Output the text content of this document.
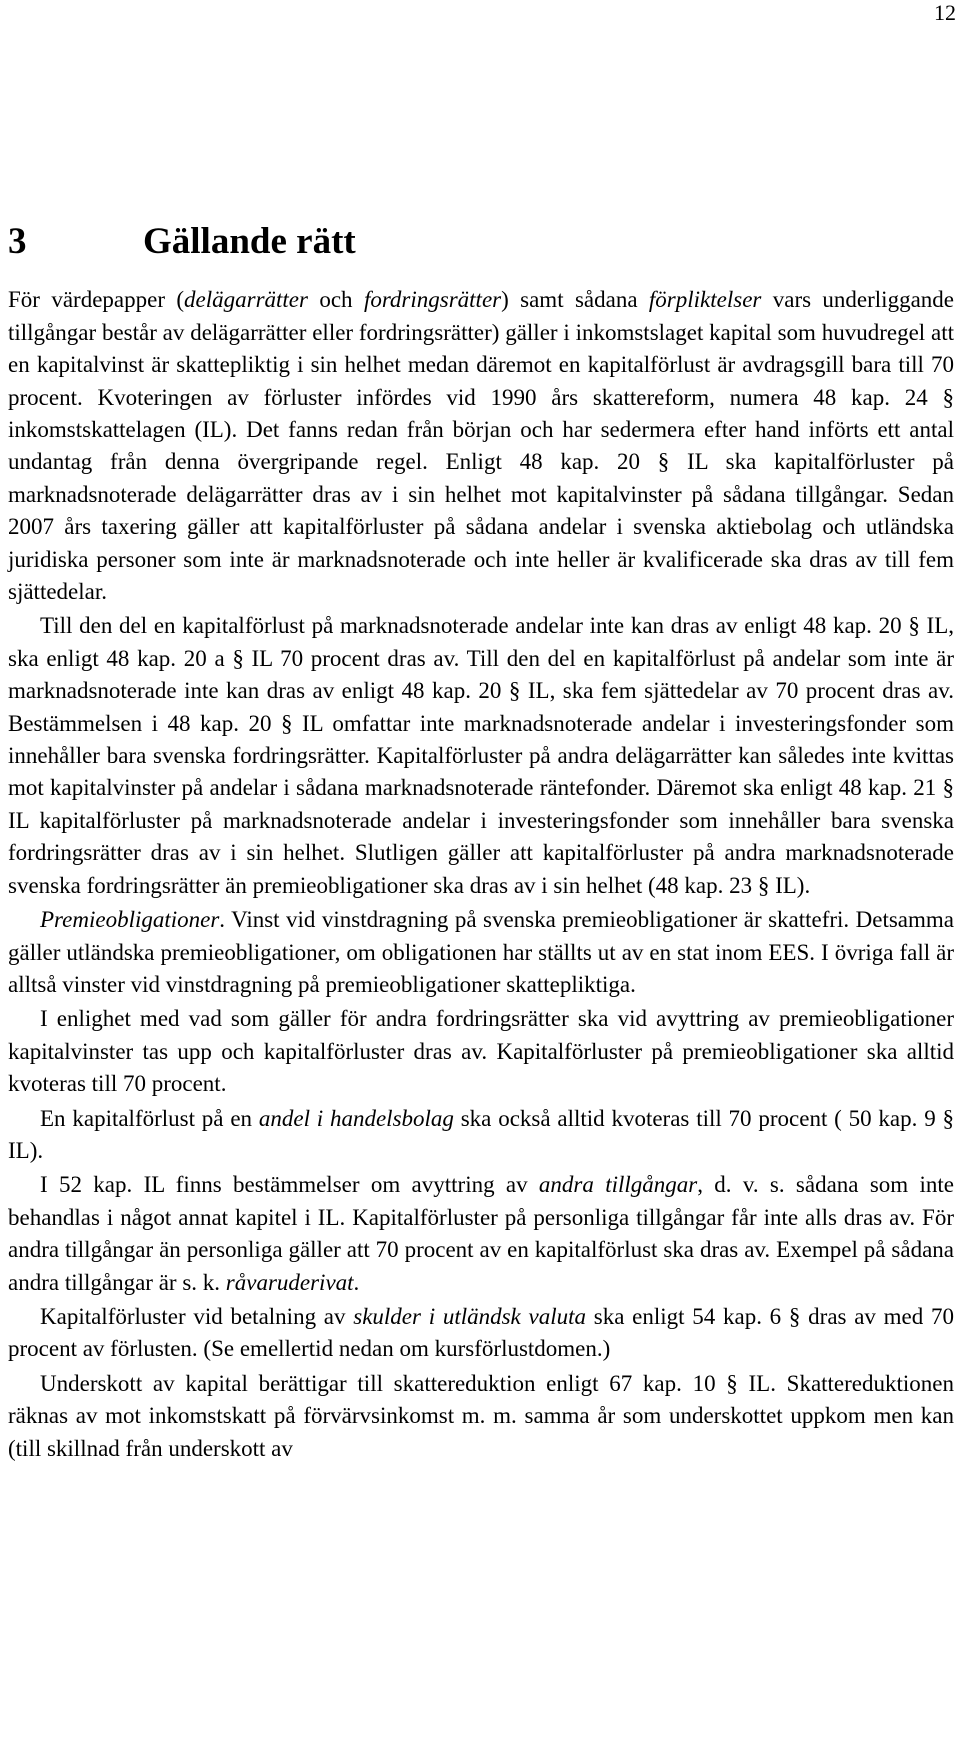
12
3	Gällande rätt

För värdepapper (delägarrätter och fordringsrätter) samt sådana förpliktelser vars underliggande tillgångar består av delägarrätter eller fordringsrätter) gäller i inkomstslaget kapital som huvudregel att en kapitalvinst är skattepliktig i sin helhet medan däremot en kapitalförlust är avdragsgill bara till 70 procent. Kvoteringen av förluster infördes vid 1990 års skattereform, numera 48 kap. 24 § inkomstskattelagen (IL). Det fanns redan från början och har sedermera efter hand införts ett antal undantag från denna övergripande regel. Enligt 48 kap. 20 § IL ska kapitalförluster på marknadsnoterade delägarrätter dras av i sin helhet mot kapitalvinster på sådana tillgångar. Sedan 2007 års taxering gäller att kapitalförluster på sådana andelar i svenska aktiebolag och utländska juridiska personer som inte är marknadsnoterade och inte heller är kvalificerade ska dras av till fem sjättedelar.

Till den del en kapitalförlust på marknadsnoterade andelar inte kan dras av enligt 48 kap. 20 § IL, ska enligt 48 kap. 20 a § IL 70 procent dras av. Till den del en kapitalförlust på andelar som inte är marknadsnoterade inte kan dras av enligt 48 kap. 20 § IL, ska fem sjättedelar av 70 procent dras av. Bestämmelsen i 48 kap. 20 § IL omfattar inte marknadsnoterade andelar i investeringsfonder som innehåller bara svenska fordringsrätter. Kapitalförluster på andra delägarrätter kan således inte kvittas mot kapitalvinster på andelar i sådana marknadsnoterade räntefonder. Däremot ska enligt 48 kap. 21 § IL kapitalförluster på marknadsnoterade andelar i investeringsfonder som innehåller bara svenska fordringsrätter dras av i sin helhet. Slutligen gäller att kapitalförluster på andra marknadsnoterade svenska fordringsrätter än premieobligationer ska dras av i sin helhet (48 kap. 23 § IL).

Premieobligationer. Vinst vid vinstdragning på svenska premieobligationer är skattefri. Detsamma gäller utländska premieobligationer, om obligationen har ställts ut av en stat inom EES. I övriga fall är alltså vinster vid vinstdragning på premieobligationer skattepliktiga.

I enlighet med vad som gäller för andra fordringsrätter ska vid avyttring av premieobligationer kapitalvinster tas upp och kapitalförluster dras av. Kapitalförluster på premieobligationer ska alltid kvoteras till 70 procent.

En kapitalförlust på en andel i handelsbolag ska också alltid kvoteras till 70 procent ( 50 kap. 9 § IL).

I 52 kap. IL finns bestämmelser om avyttring av andra tillgångar, d. v. s. sådana som inte behandlas i något annat kapitel i IL. Kapitalförluster på personliga tillgångar får inte alls dras av. För andra tillgångar än personliga gäller att 70 procent av en kapitalförlust ska dras av. Exempel på sådana andra tillgångar är s. k. råvaruderivat.

Kapitalförluster vid betalning av skulder i utländsk valuta ska enligt 54 kap. 6 § dras av med 70 procent av förlusten. (Se emellertid nedan om kursförlustdomen.)

Underskott av kapital berättigar till skattereduktion enligt 67 kap. 10 § IL. Skattereduktionen räknas av mot inkomstskatt på förvärvsinkomst m. m. samma år som underskottet uppkom men kan (till skillnad från underskott av
